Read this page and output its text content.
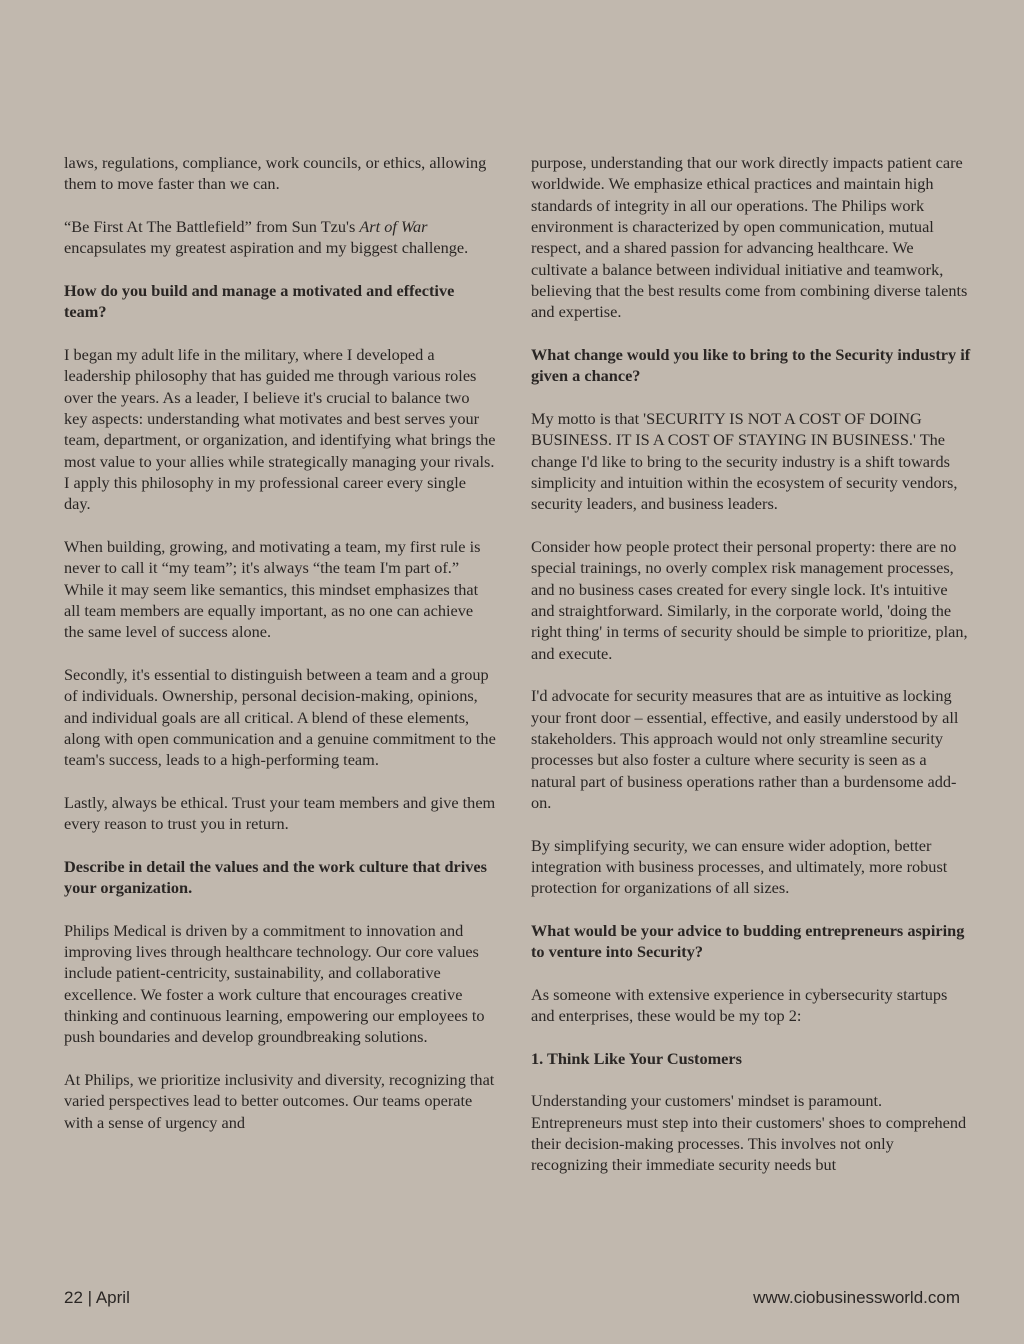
laws, regulations, compliance, work councils, or ethics, allowing them to move faster than we can.

“Be First At The Battlefield” from Sun Tzu's Art of War encapsulates my greatest aspiration and my biggest challenge.

How do you build and manage a motivated and effective team?

I began my adult life in the military, where I developed a leadership philosophy that has guided me through various roles over the years. As a leader, I believe it's crucial to balance two key aspects: understanding what motivates and best serves your team, department, or organization, and identifying what brings the most value to your allies while strategically managing your rivals. I apply this philosophy in my professional career every single day.

When building, growing, and motivating a team, my first rule is never to call it “my team”; it's always “the team I'm part of.” While it may seem like semantics, this mindset emphasizes that all team members are equally important, as no one can achieve the same level of success alone.

Secondly, it's essential to distinguish between a team and a group of individuals. Ownership, personal decision-making, opinions, and individual goals are all critical. A blend of these elements, along with open communication and a genuine commitment to the team's success, leads to a high-performing team.

Lastly, always be ethical. Trust your team members and give them every reason to trust you in return.

Describe in detail the values and the work culture that drives your organization.

Philips Medical is driven by a commitment to innovation and improving lives through healthcare technology. Our core values include patient-centricity, sustainability, and collaborative excellence. We foster a work culture that encourages creative thinking and continuous learning, empowering our employees to push boundaries and develop groundbreaking solutions.

At Philips, we prioritize inclusivity and diversity, recognizing that varied perspectives lead to better outcomes. Our teams operate with a sense of urgency and

purpose, understanding that our work directly impacts patient care worldwide. We emphasize ethical practices and maintain high standards of integrity in all our operations. The Philips work environment is characterized by open communication, mutual respect, and a shared passion for advancing healthcare. We cultivate a balance between individual initiative and teamwork, believing that the best results come from combining diverse talents and expertise.

What change would you like to bring to the Security industry if given a chance?

My motto is that 'SECURITY IS NOT A COST OF DOING BUSINESS. IT IS A COST OF STAYING IN BUSINESS.' The change I'd like to bring to the security industry is a shift towards simplicity and intuition within the ecosystem of security vendors, security leaders, and business leaders.

Consider how people protect their personal property: there are no special trainings, no overly complex risk management processes, and no business cases created for every single lock. It's intuitive and straightforward. Similarly, in the corporate world, 'doing the right thing' in terms of security should be simple to prioritize, plan, and execute.

I'd advocate for security measures that are as intuitive as locking your front door – essential, effective, and easily understood by all stakeholders. This approach would not only streamline security processes but also foster a culture where security is seen as a natural part of business operations rather than a burdensome add-on.

By simplifying security, we can ensure wider adoption, better integration with business processes, and ultimately, more robust protection for organizations of all sizes.

What would be your advice to budding entrepreneurs aspiring to venture into Security?

As someone with extensive experience in cybersecurity startups and enterprises, these would be my top 2:

1. Think Like Your Customers

Understanding your customers' mindset is paramount. Entrepreneurs must step into their customers' shoes to comprehend their decision-making processes. This involves not only recognizing their immediate security needs but

22 | April	www.ciobusinessworld.com
